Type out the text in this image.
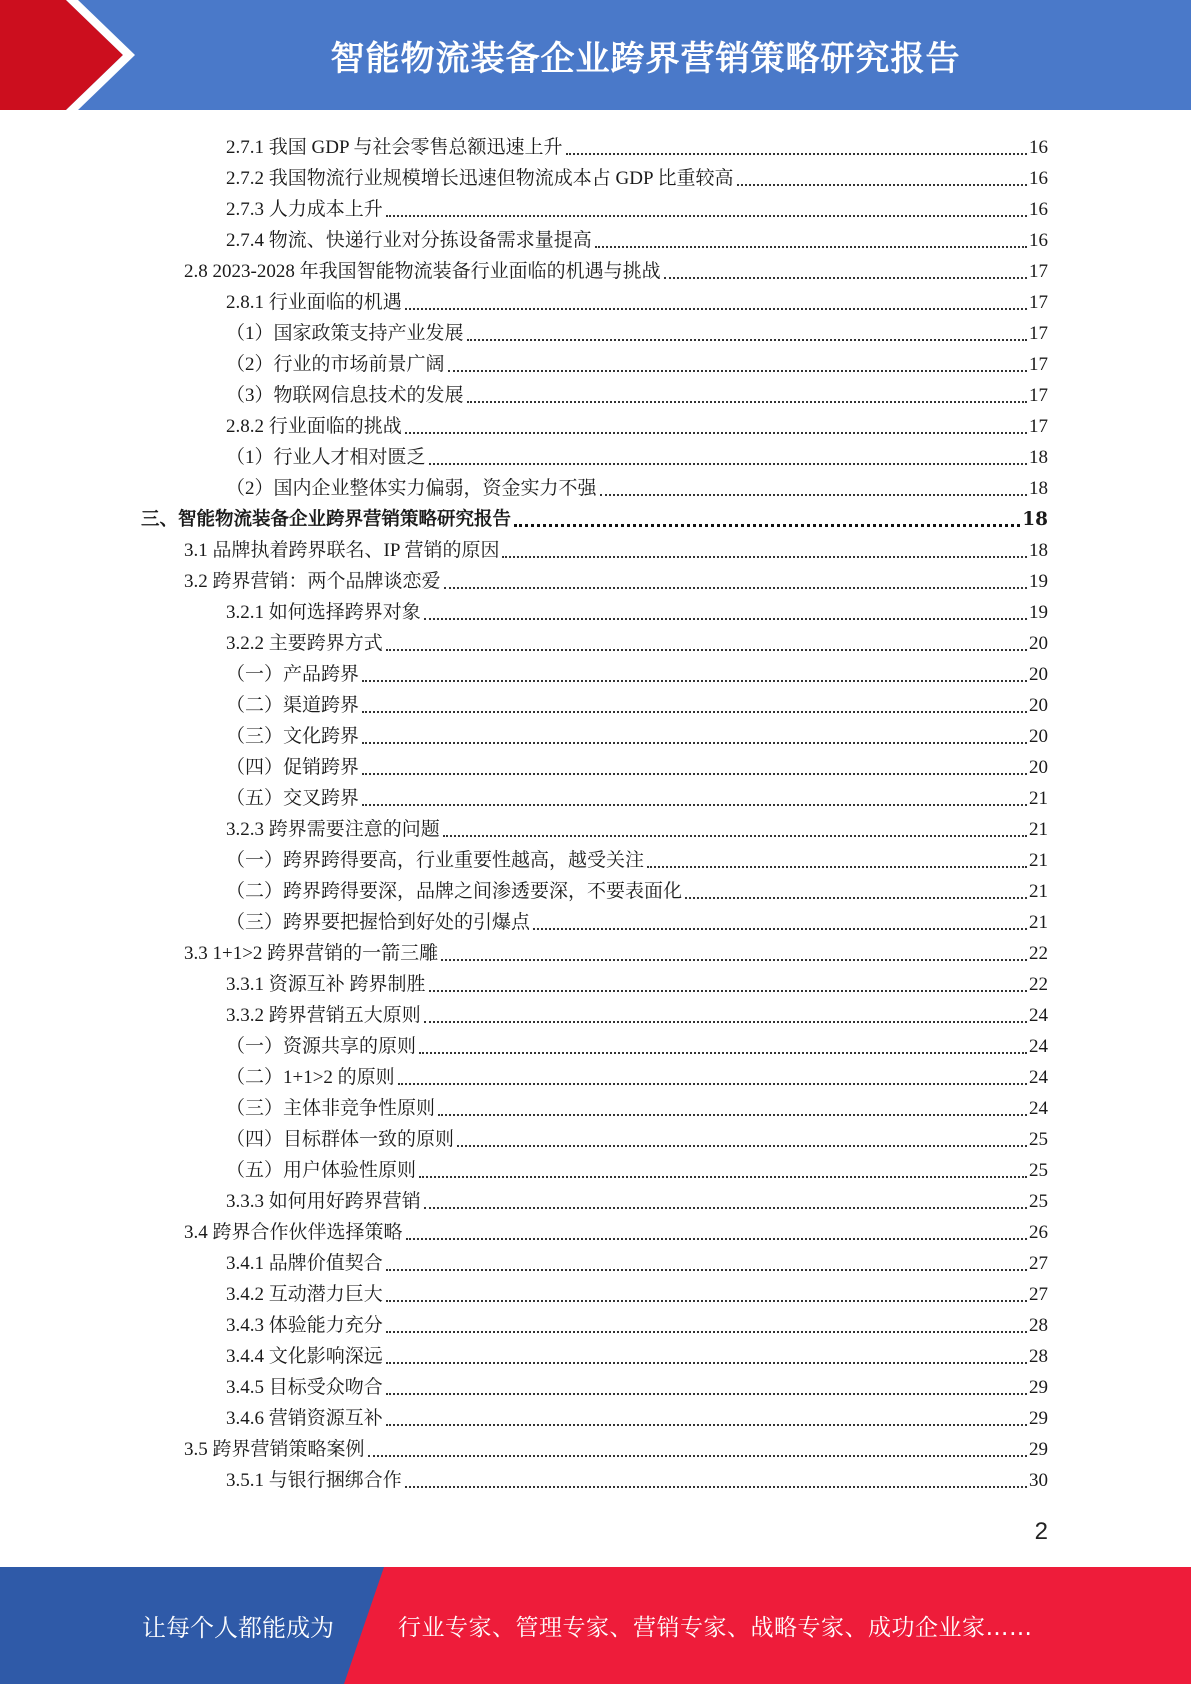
智能物流装备企业跨界营销策略研究报告
2.7.1 我国 GDP 与社会零售总额迅速上升	16
2.7.2 我国物流行业规模增长迅速但物流成本占 GDP 比重较高	16
2.7.3 人力成本上升	16
2.7.4 物流、快递行业对分拣设备需求量提高	16
2.8 2023-2028 年我国智能物流装备行业面临的机遇与挑战	17
2.8.1 行业面临的机遇	17
（1）国家政策支持产业发展	17
（2）行业的市场前景广阔	17
（3）物联网信息技术的发展	17
2.8.2 行业面临的挑战	17
（1）行业人才相对匮乏	18
（2）国内企业整体实力偏弱，资金实力不强	18
三、智能物流装备企业跨界营销策略研究报告	18
3.1 品牌执着跨界联名、IP 营销的原因	18
3.2 跨界营销：两个品牌谈恋爱	19
3.2.1 如何选择跨界对象	19
3.2.2 主要跨界方式	20
（一）产品跨界	20
（二）渠道跨界	20
（三）文化跨界	20
（四）促销跨界	20
（五）交叉跨界	21
3.2.3 跨界需要注意的问题	21
（一）跨界跨得要高，行业重要性越高，越受关注	21
（二）跨界跨得要深，品牌之间渗透要深，不要表面化	21
（三）跨界要把握恰到好处的引爆点	21
3.3 1+1>2 跨界营销的一箭三雕	22
3.3.1 资源互补 跨界制胜	22
3.3.2 跨界营销五大原则	24
（一）资源共享的原则	24
（二）1+1>2 的原则	24
（三）主体非竞争性原则	24
（四）目标群体一致的原则	25
（五）用户体验性原则	25
3.3.3 如何用好跨界营销	25
3.4 跨界合作伙伴选择策略	26
3.4.1 品牌价值契合	27
3.4.2 互动潜力巨大	27
3.4.3 体验能力充分	28
3.4.4 文化影响深远	28
3.4.5 目标受众吻合	29
3.4.6 营销资源互补	29
3.5 跨界营销策略案例	29
3.5.1 与银行捆绑合作	30
2
让每个人都能成为	行业专家、管理专家、营销专家、战略专家、成功企业家……
